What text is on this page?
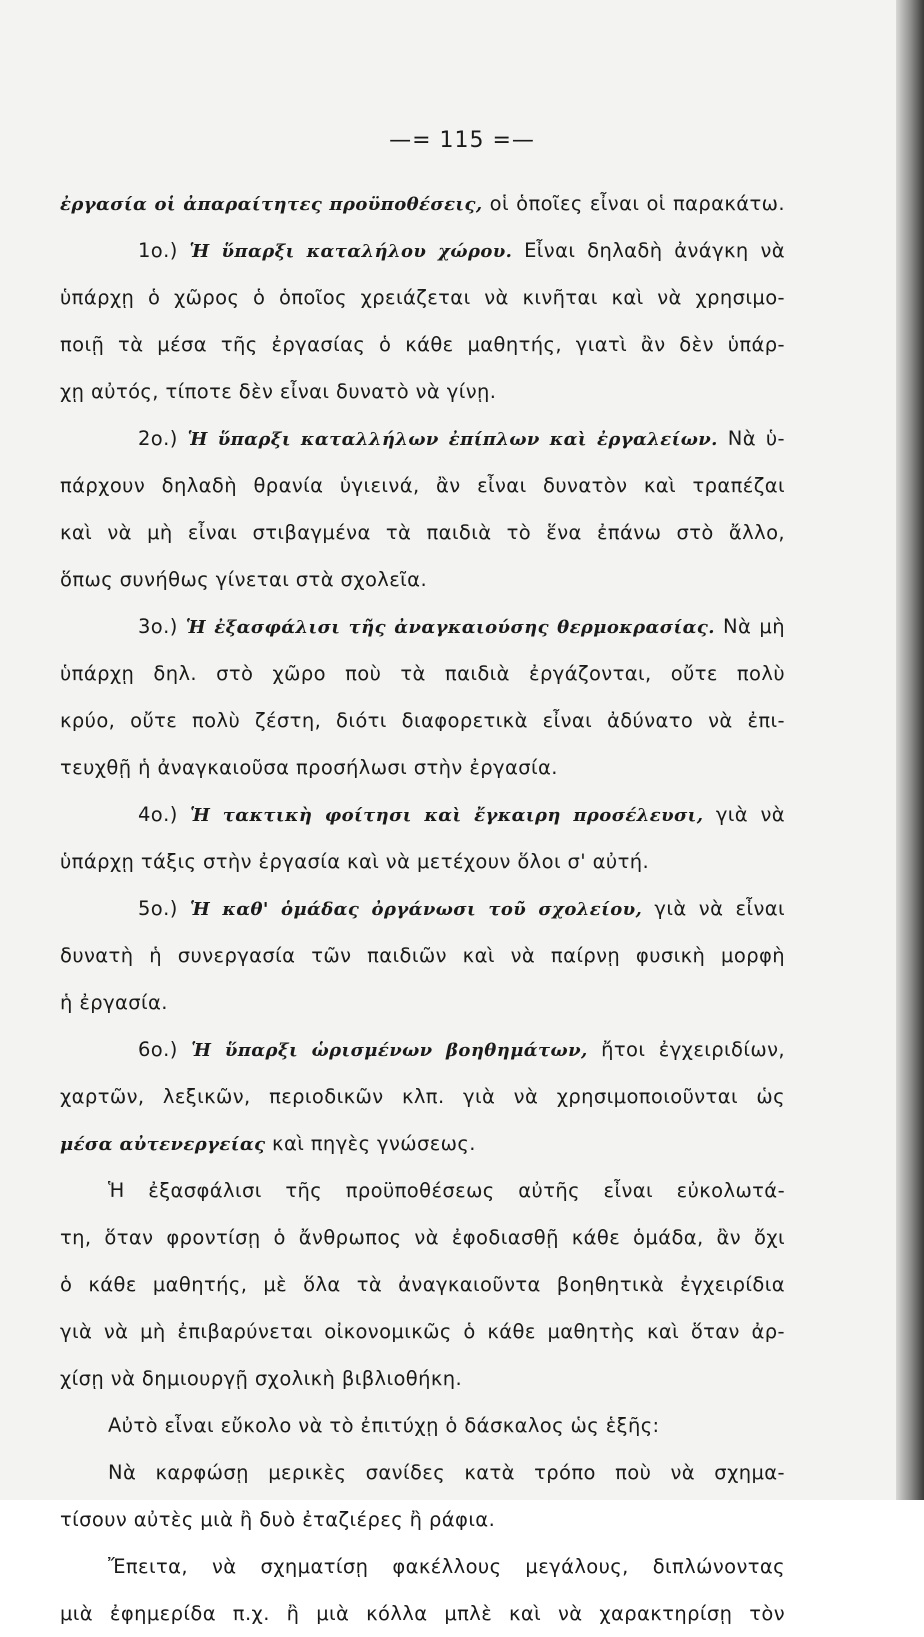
—= 115 =—
ἐργασία οἱ ἀπαραίτητες προϋποθέσεις, οἱ ὁποῖες εἶναι οἱ παρακάτω.
1ο.) Ἡ ὕπαρξι καταλήλου χώρου. Εἶναι δηλαδὴ ἀνάγκη νὰ
ὑπάρχῃ ὁ χῶρος ὁ ὁποῖος χρειάζεται νὰ κινῆται καὶ νὰ χρησιμο-
ποιῇ τὰ μέσα τῆς ἐργασίας ὁ κάθε μαθητής, γιατὶ ἂν δὲν ὑπάρ-
χῃ αὐτός, τίποτε δὲν εἶναι δυνατὸ νὰ γίνῃ.
2ο.) Ἡ ὕπαρξι καταλλήλων ἐπίπλων καὶ ἐργαλείων. Νὰ ὑ-
πάρχουν δηλαδὴ θρανία ὑγιεινά, ἂν εἶναι δυνατὸν καὶ τραπέζαι
καὶ νὰ μὴ εἶναι στιβαγμένα τὰ παιδιὰ τὸ ἕνα ἐπάνω στὸ ἄλλο,
ὅπως συνήθως γίνεται στὰ σχολεῖα.
3ο.) Ἡ ἐξασφάλισι τῆς ἀναγκαιούσης θερμοκρασίας. Νὰ μὴ
ὑπάρχῃ δηλ. στὸ χῶρο ποὺ τὰ παιδιὰ ἐργάζονται, οὔτε πολὺ
κρύο, οὔτε πολὺ ζέστη, διότι διαφορετικὰ εἶναι ἀδύνατο νὰ ἐπι-
τευχθῇ ἡ ἀναγκαιοῦσα προσήλωσι στὴν ἐργασία.
4ο.) Ἡ τακτικὴ φοίτησι καὶ ἔγκαιρη προσέλευσι, γιὰ νὰ
ὑπάρχῃ τάξις στὴν ἐργασία καὶ νὰ μετέχουν ὅλοι σ' αὐτή.
5ο.) Ἡ καθ' ὁμάδας ὀργάνωσι τοῦ σχολείου, γιὰ νὰ εἶναι
δυνατὴ ἡ συνεργασία τῶν παιδιῶν καὶ νὰ παίρνῃ φυσικὴ μορφὴ
ἡ ἐργασία.
6ο.) Ἡ ὕπαρξι ὡρισμένων βοηθημάτων, ἤτοι ἐγχειριδίων,
χαρτῶν, λεξικῶν, περιοδικῶν κλπ. γιὰ νὰ χρησιμοποιοῦνται ὡς
μέσα αὐτενεργείας καὶ πηγὲς γνώσεως.
Ἡ ἐξασφάλισι τῆς προϋποθέσεως αὐτῆς εἶναι εὐκολωτά-
τη, ὅταν φροντίσῃ ὁ ἄνθρωπος νὰ ἐφοδιασθῇ κάθε ὁμάδα, ἂν ὄχι
ὁ κάθε μαθητής, μὲ ὅλα τὰ ἀναγκαιοῦντα βοηθητικὰ ἐγχειρίδια
γιὰ νὰ μὴ ἐπιβαρύνεται οἰκονομικῶς ὁ κάθε μαθητὴς καὶ ὅταν ἀρ-
χίσῃ νὰ δημιουργῇ σχολικὴ βιβλιοθήκη.
Αὐτὸ εἶναι εὔκολο νὰ τὸ ἐπιτύχῃ ὁ δάσκαλος ὡς ἑξῆς:
Νὰ καρφώσῃ μερικὲς σανίδες κατὰ τρόπο ποὺ νὰ σχημα-
τίσουν αὐτὲς μιὰ ἢ δυὸ ἐταζιέρες ἢ ράφια.
Ἔπειτα, νὰ σχηματίσῃ φακέλλους μεγάλους, διπλώνοντας
μιὰ ἐφημερίδα π.χ. ἢ μιὰ κόλλα μπλὲ καὶ νὰ χαρακτηρίσῃ τὸν
